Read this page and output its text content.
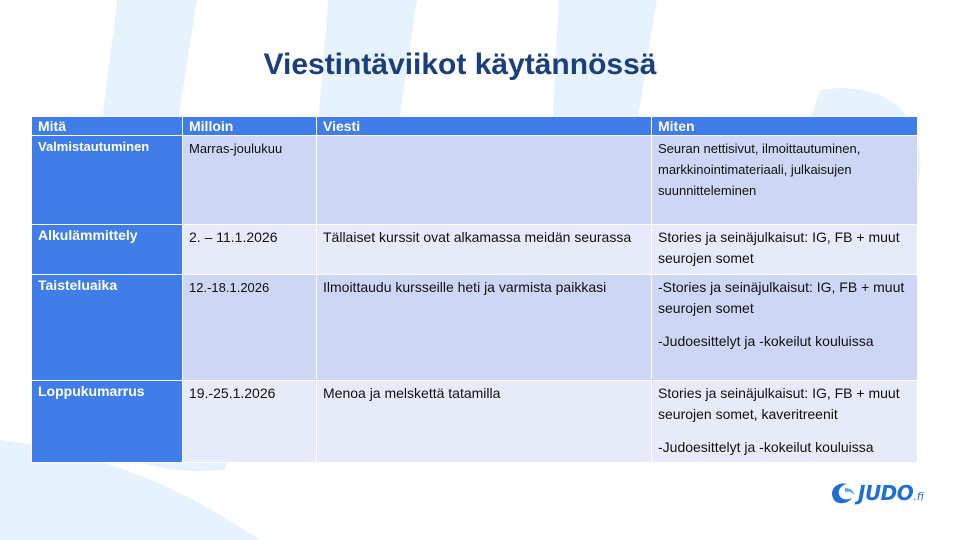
Viestintäviikot käytännössä
Mitä	Milloin	Viesti	Miten
Valmistautuminen	Marras-joulukuu		Seuran nettisivut, ilmoittautuminen, markkinointimateriaali, julkaisujen suunnitteleminen

Alkulämmittely	2. – 11.1.2026	Tällaiset kurssit ovat alkamassa meidän seurassa	Stories ja seinäjulkaisut: IG, FB + muut seurojen somet

Taisteluaika	12.-18.1.2026	Ilmoittaudu kursseille heti ja varmista paikkasi	-Stories ja seinäjulkaisut: IG, FB + muut seurojen somet
-Judoesittelyt ja -kokeilut kouluissa

Loppukumarrus	19.-25.1.2026	Menoa ja melskettä tatamilla	Stories ja seinäjulkaisut: IG, FB + muut seurojen somet, kaveritreenit
-Judoesittelyt ja -kokeilut kouluissa
JUDO .fi
